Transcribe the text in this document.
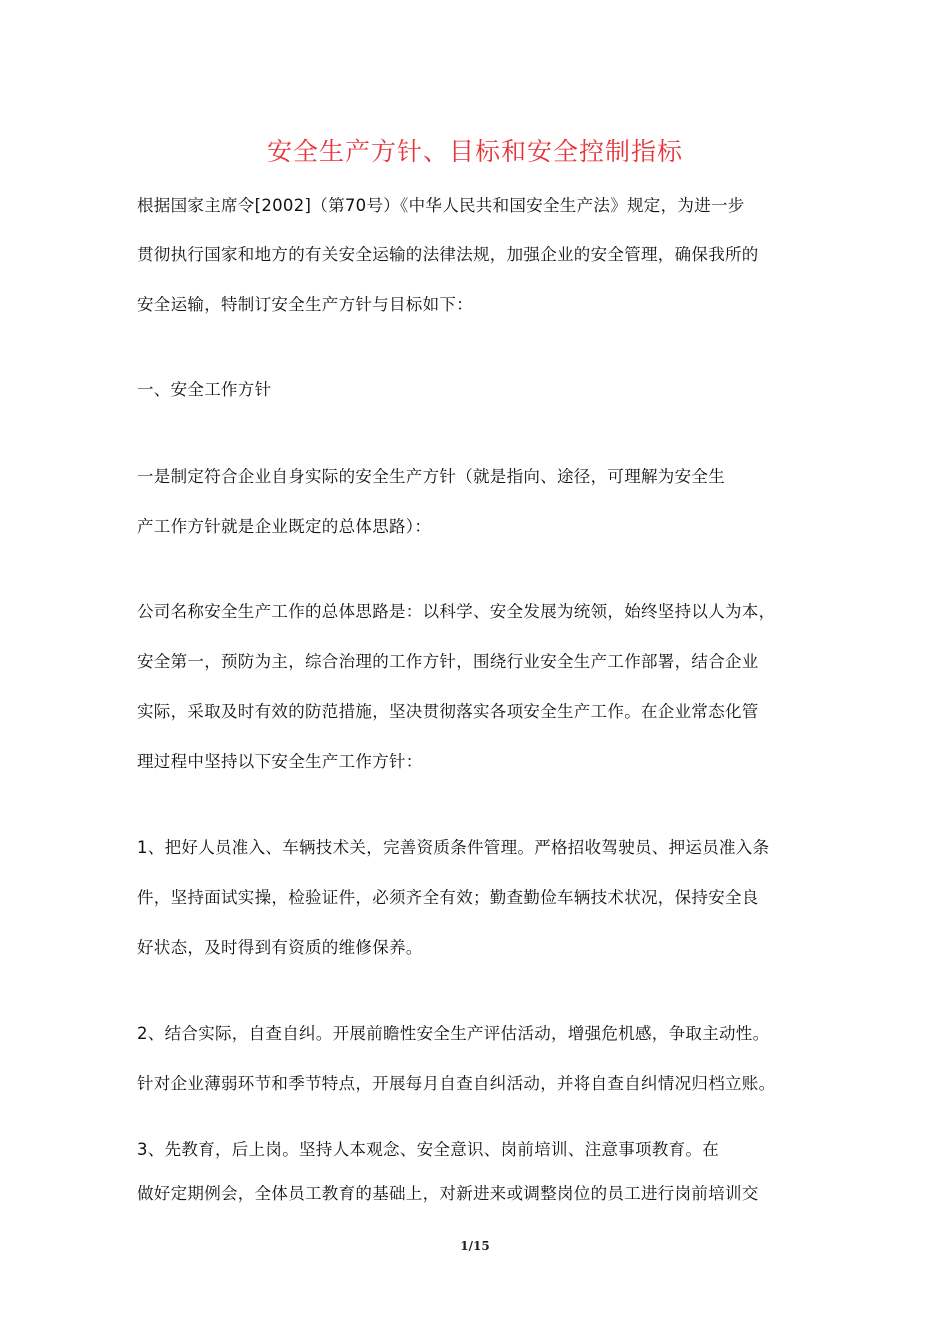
安全生产方针、目标和安全控制指标
根据国家主席令[2002]（第70号）《中华人民共和国安全生产法》规定，为进一步
贯彻执行国家和地方的有关安全运输的法律法规，加强企业的安全管理，确保我所的
安全运输，特制订安全生产方针与目标如下：
一、安全工作方针
一是制定符合企业自身实际的安全生产方针（就是指向、途径，可理解为安全生
产工作方针就是企业既定的总体思路）：
公司名称安全生产工作的总体思路是：以科学、安全发展为统领，始终坚持以人为本，
安全第一，预防为主，综合治理的工作方针，围绕行业安全生产工作部署，结合企业
实际，采取及时有效的防范措施，坚决贯彻落实各项安全生产工作。在企业常态化管
理过程中坚持以下安全生产工作方针：
1、把好人员准入、车辆技术关，完善资质条件管理。严格招收驾驶员、押运员准入条
件，坚持面试实操，检验证件，必须齐全有效；勤查勤俭车辆技术状况，保持安全良
好状态，及时得到有资质的维修保养。
2、结合实际，自查自纠。开展前瞻性安全生产评估活动，增强危机感，争取主动性。
针对企业薄弱环节和季节特点，开展每月自查自纠活动，并将自查自纠情况归档立账。
3、先教育，后上岗。坚持人本观念、安全意识、岗前培训、注意事项教育。在
做好定期例会，全体员工教育的基础上，对新进来或调整岗位的员工进行岗前培训交
1/15
